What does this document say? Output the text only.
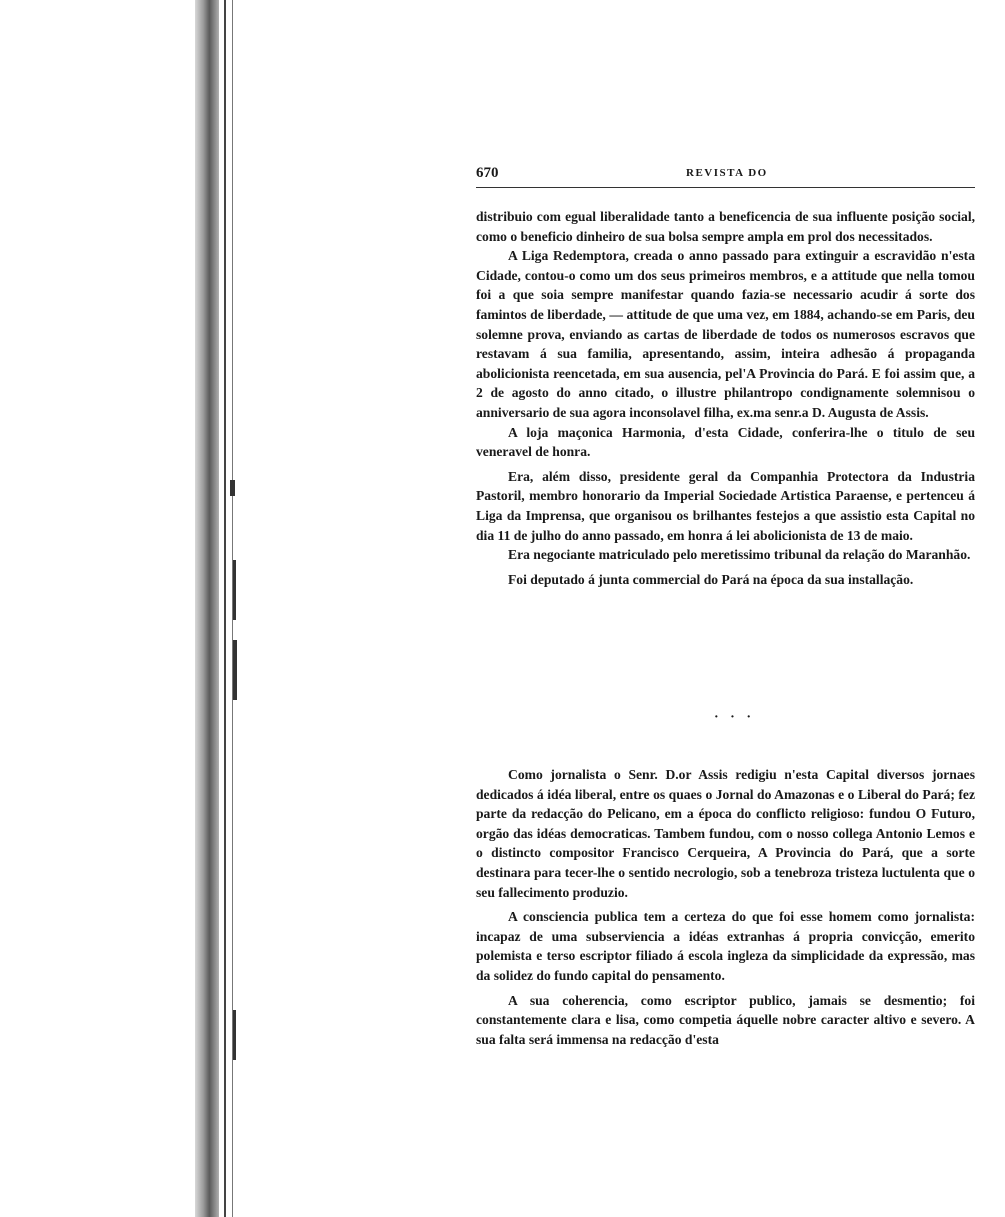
670	REVISTA DO

distribuio com egual liberalidade tanto a beneficencia de sua influente posição social, como o beneficio dinheiro de sua bolsa sempre ampla em prol dos necessitados.

A Liga Redemptora, creada o anno passado para extinguir a escravidão n'esta Cidade, contou-o como um dos seus primeiros membros, e a attitude que nella tomou foi a que soia sempre manifestar quando fazia-se necessario acudir á sorte dos famintos de liberdade, — attitude de que uma vez, em 1884, achando-se em Paris, deu solemne prova, enviando as cartas de liberdade de todos os numerosos escravos que restavam á sua familia, apresentando, assim, inteira adhesão á propaganda abolicionista reencetada, em sua ausencia, pel'A Provincia do Pará. E foi assim que, a 2 de agosto do anno citado, o illustre philantropo condignamente solemnisou o anniversario de sua agora inconsolavel filha, ex.ma senr.a D. Augusta de Assis.

A loja maçonica Harmonia, d'esta Cidade, conferira-lhe o titulo de seu veneravel de honra.

Era, além disso, presidente geral da Companhia Protectora da Industria Pastoril, membro honorario da Imperial Sociedade Artistica Paraense, e pertenceu á Liga da Imprensa, que organisou os brilhantes festejos a que assistio esta Capital no dia 11 de julho do anno passado, em honra á lei abolicionista de 13 de maio.

Era negociante matriculado pelo meretissimo tribunal da relação do Maranhão.

Foi deputado á junta commercial do Pará na época da sua installação.

· · ·

Como jornalista o Senr. D.or Assis redigiu n'esta Capital diversos jornaes dedicados á idéa liberal, entre os quaes o Jornal do Amazonas e o Liberal do Pará; fez parte da redacção do Pelicano, em a época do conflicto religioso: fundou O Futuro, orgão das idéas democraticas. Tambem fundou, com o nosso collega Antonio Lemos e o distincto compositor Francisco Cerqueira, A Provincia do Pará, que a sorte destinara para tecer-lhe o sentido necrologio, sob a tenebroza tristeza luctulenta que o seu fallecimento produzio.

A consciencia publica tem a certeza do que foi esse homem como jornalista: incapaz de uma subserviencia a idéas extranhas á propria convicção, emerito polemista e terso escriptor filiado á escola ingleza da simplicidade da expressão, mas da solidez do fundo capital do pensamento.

A sua coherencia, como escriptor publico, jamais se desmentio; foi constantemente clara e lisa, como competia áquelle nobre caracter altivo e severo. A sua falta será immensa na redacção d'esta
